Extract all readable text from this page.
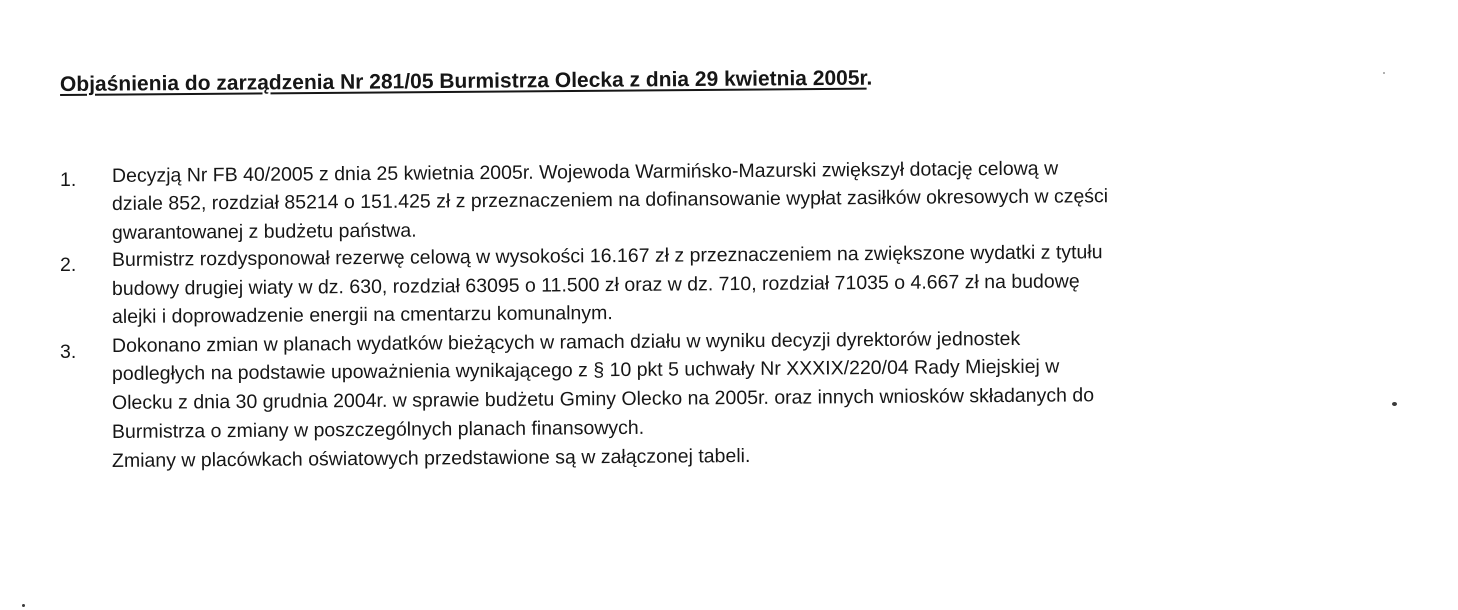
Objaśnienia do zarządzenia Nr 281/05 Burmistrza Olecka z dnia 29 kwietnia 2005r.
1. Decyzją Nr FB 40/2005 z dnia 25 kwietnia 2005r. Wojewoda Warmińsko-Mazurski zwiększył dotację celową w
dziale 852, rozdział 85214 o 151.425 zł z przeznaczeniem na dofinansowanie wypłat zasiłków okresowych w części
gwarantowanej z budżetu państwa.
2. Burmistrz rozdysponował rezerwę celową w wysokości 16.167 zł z przeznaczeniem na zwiększone wydatki z tytułu
budowy drugiej wiaty w dz. 630, rozdział 63095 o 11.500 zł oraz w dz. 710, rozdział 71035 o 4.667 zł na budowę
alejki i doprowadzenie energii na cmentarzu komunalnym.
3. Dokonano zmian w planach wydatków bieżących w ramach działu w wyniku decyzji dyrektorów jednostek
podległych na podstawie upoważnienia wynikającego z § 10 pkt 5 uchwały Nr XXXIX/220/04 Rady Miejskiej w
Olecku z dnia 30 grudnia 2004r. w sprawie budżetu Gminy Olecko na 2005r. oraz innych wniosków składanych do
Burmistrza o zmiany w poszczególnych planach finansowych.
Zmiany w placówkach oświatowych przedstawione są w załączonej tabeli.
